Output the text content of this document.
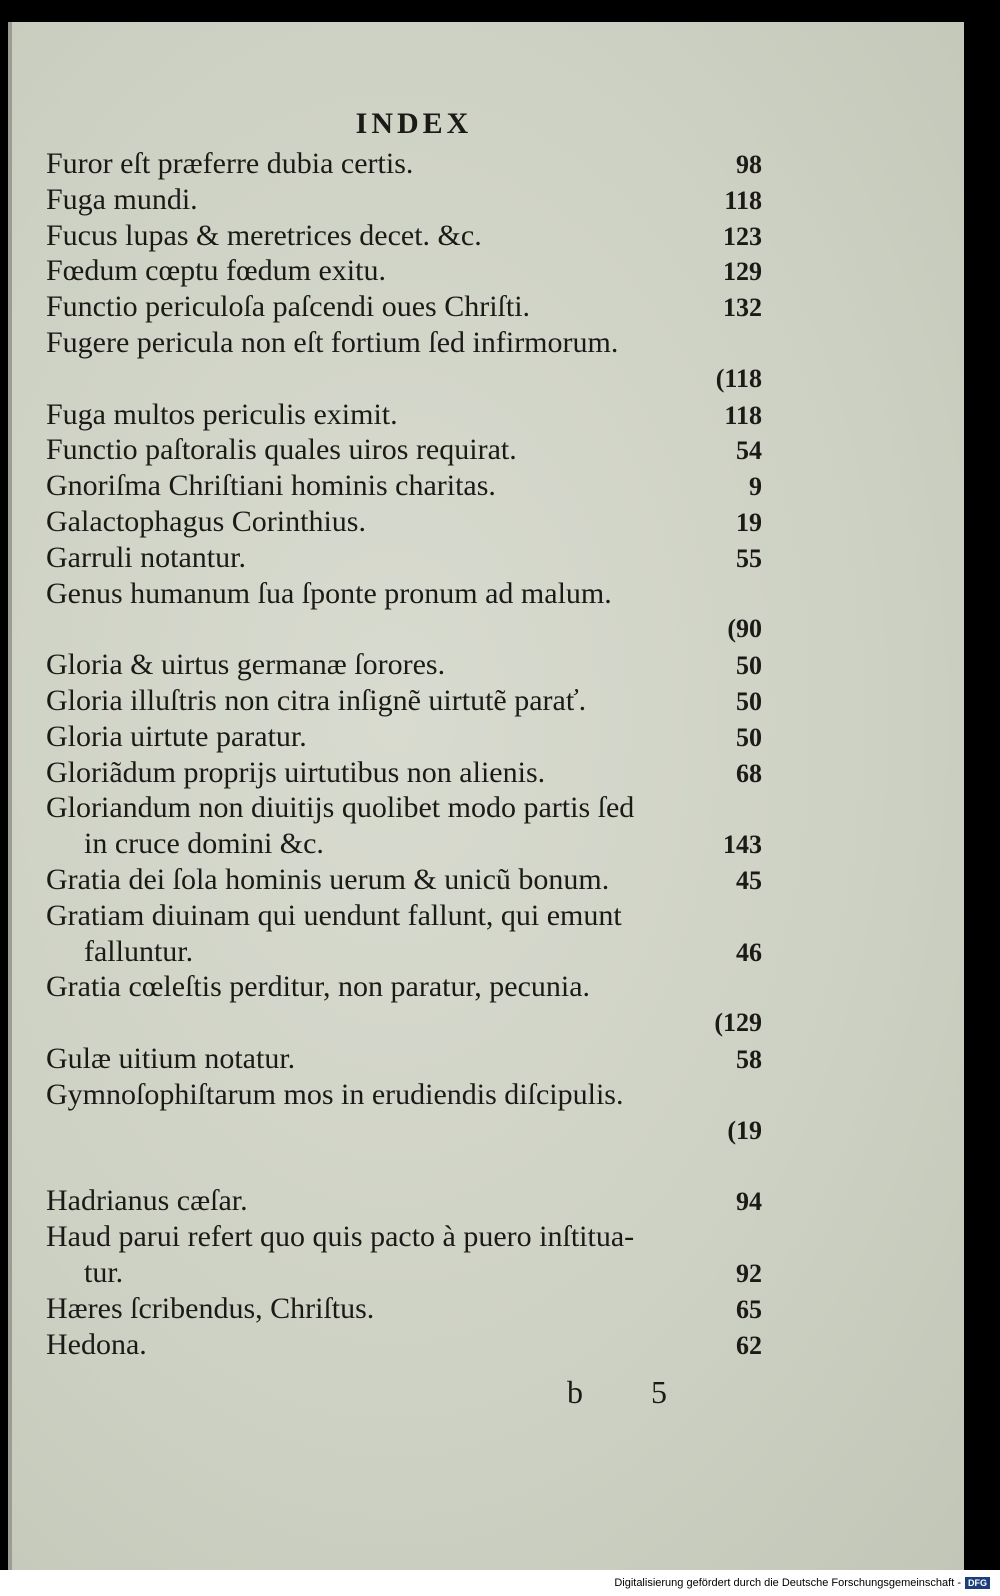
INDEX
Furor eſt præferre dubia certis.	98
Fuga mundi.	118
Fucus lupas & meretrices decet. &c.	123
Fœdum cœptu fœdum exitu.	129
Functio periculoſa paſcendi oues Chriſti.	132
Fugere pericula non eſt fortium ſed infirmorum.
(118
Fuga multos periculis eximit.	118
Functio paſtoralis quales uiros requirat.	54
Gnoriſma Chriſtiani hominis charitas.	9
Galactophagus Corinthius.	19
Garruli notantur.	55
Genus humanum ſua ſponte pronum ad malum.
(90
Gloria & uirtus germanæ ſorores.	50
Gloria illuſtris non citra inſignẽ uirtutẽ parať.	50
Gloria uirtute paratur.	50
Gloriãdum proprijs uirtutibus non alienis.	68
Gloriandum non diuitijs quolibet modo partis ſed
in cruce domini &c.	143
Gratia dei ſola hominis uerum & unicũ bonum.	45
Gratiam diuinam qui uendunt fallunt, qui emunt
falluntur.	46
Gratia cœleſtis perditur, non paratur, pecunia.
(129
Gulæ uitium notatur.	58
Gymnoſophiſtarum mos in erudiendis diſcipulis.
(19
Hadrianus cæſar.	94
Haud parui refert quo quis pacto à puero inſtitua-
tur.	92
Hæres ſcribendus, Chriſtus.	65
Hedona.	62
b 5
Digitalisierung gefördert durch die Deutsche Forschungsgemeinschaft - DFG
